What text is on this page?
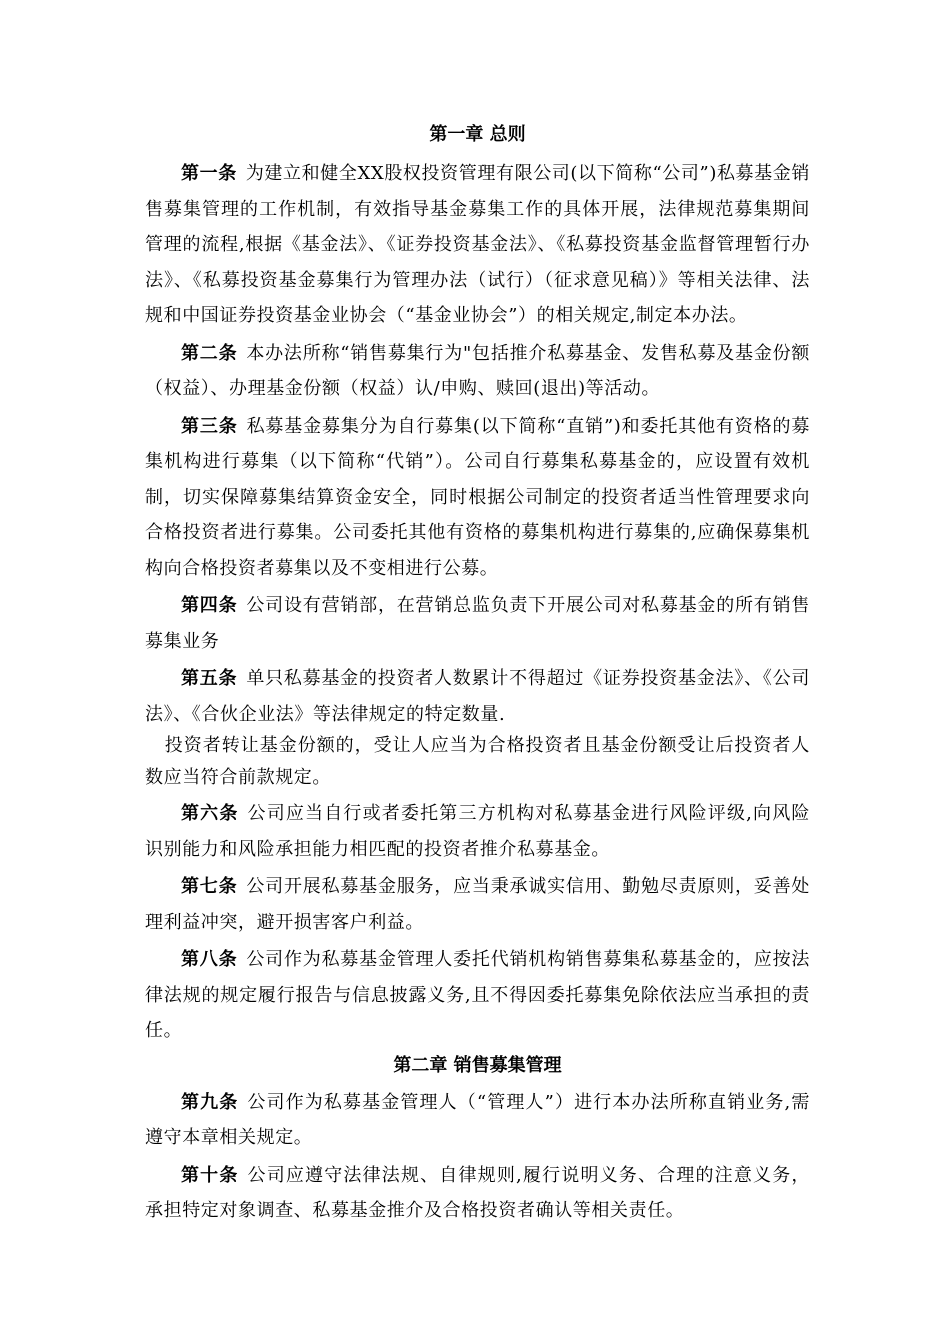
第一章 总则

第一条 为建立和健全XX股权投资管理有限公司(以下简称“公司”)私募基金销售募集管理的工作机制，有效指导基金募集工作的具体开展，法律规范募集期间管理的流程,根据《基金法》、《证券投资基金法》、《私募投资基金监督管理暂行办法》、《私募投资基金募集行为管理办法（试行）（征求意见稿）》等相关法律、法规和中国证券投资基金业协会（“基金业协会”）的相关规定,制定本办法。

第二条 本办法所称“销售募集行为"包括推介私募基金、发售私募及基金份额（权益）、办理基金份额（权益）认/申购、赎回(退出)等活动。

第三条 私募基金募集分为自行募集(以下简称“直销”)和委托其他有资格的募集机构进行募集（以下简称“代销”）。公司自行募集私募基金的，应设置有效机制，切实保障募集结算资金安全，同时根据公司制定的投资者适当性管理要求向合格投资者进行募集。公司委托其他有资格的募集机构进行募集的,应确保募集机构向合格投资者募集以及不变相进行公募。

第四条 公司设有营销部，在营销总监负责下开展公司对私募基金的所有销售募集业务

第五条 单只私募基金的投资者人数累计不得超过《证券投资基金法》、《公司法》、《合伙企业法》等法律规定的特定数量.

投资者转让基金份额的，受让人应当为合格投资者且基金份额受让后投资者人数应当符合前款规定。

第六条 公司应当自行或者委托第三方机构对私募基金进行风险评级,向风险识别能力和风险承担能力相匹配的投资者推介私募基金。

第七条 公司开展私募基金服务，应当秉承诚实信用、勤勉尽责原则，妥善处理利益冲突，避开损害客户利益。

第八条 公司作为私募基金管理人委托代销机构销售募集私募基金的，应按法律法规的规定履行报告与信息披露义务,且不得因委托募集免除依法应当承担的责任。

第二章 销售募集管理

第九条 公司作为私募基金管理人（“管理人”）进行本办法所称直销业务,需遵守本章相关规定。

第十条 公司应遵守法律法规、自律规则,履行说明义务、合理的注意义务，承担特定对象调查、私募基金推介及合格投资者确认等相关责任。
